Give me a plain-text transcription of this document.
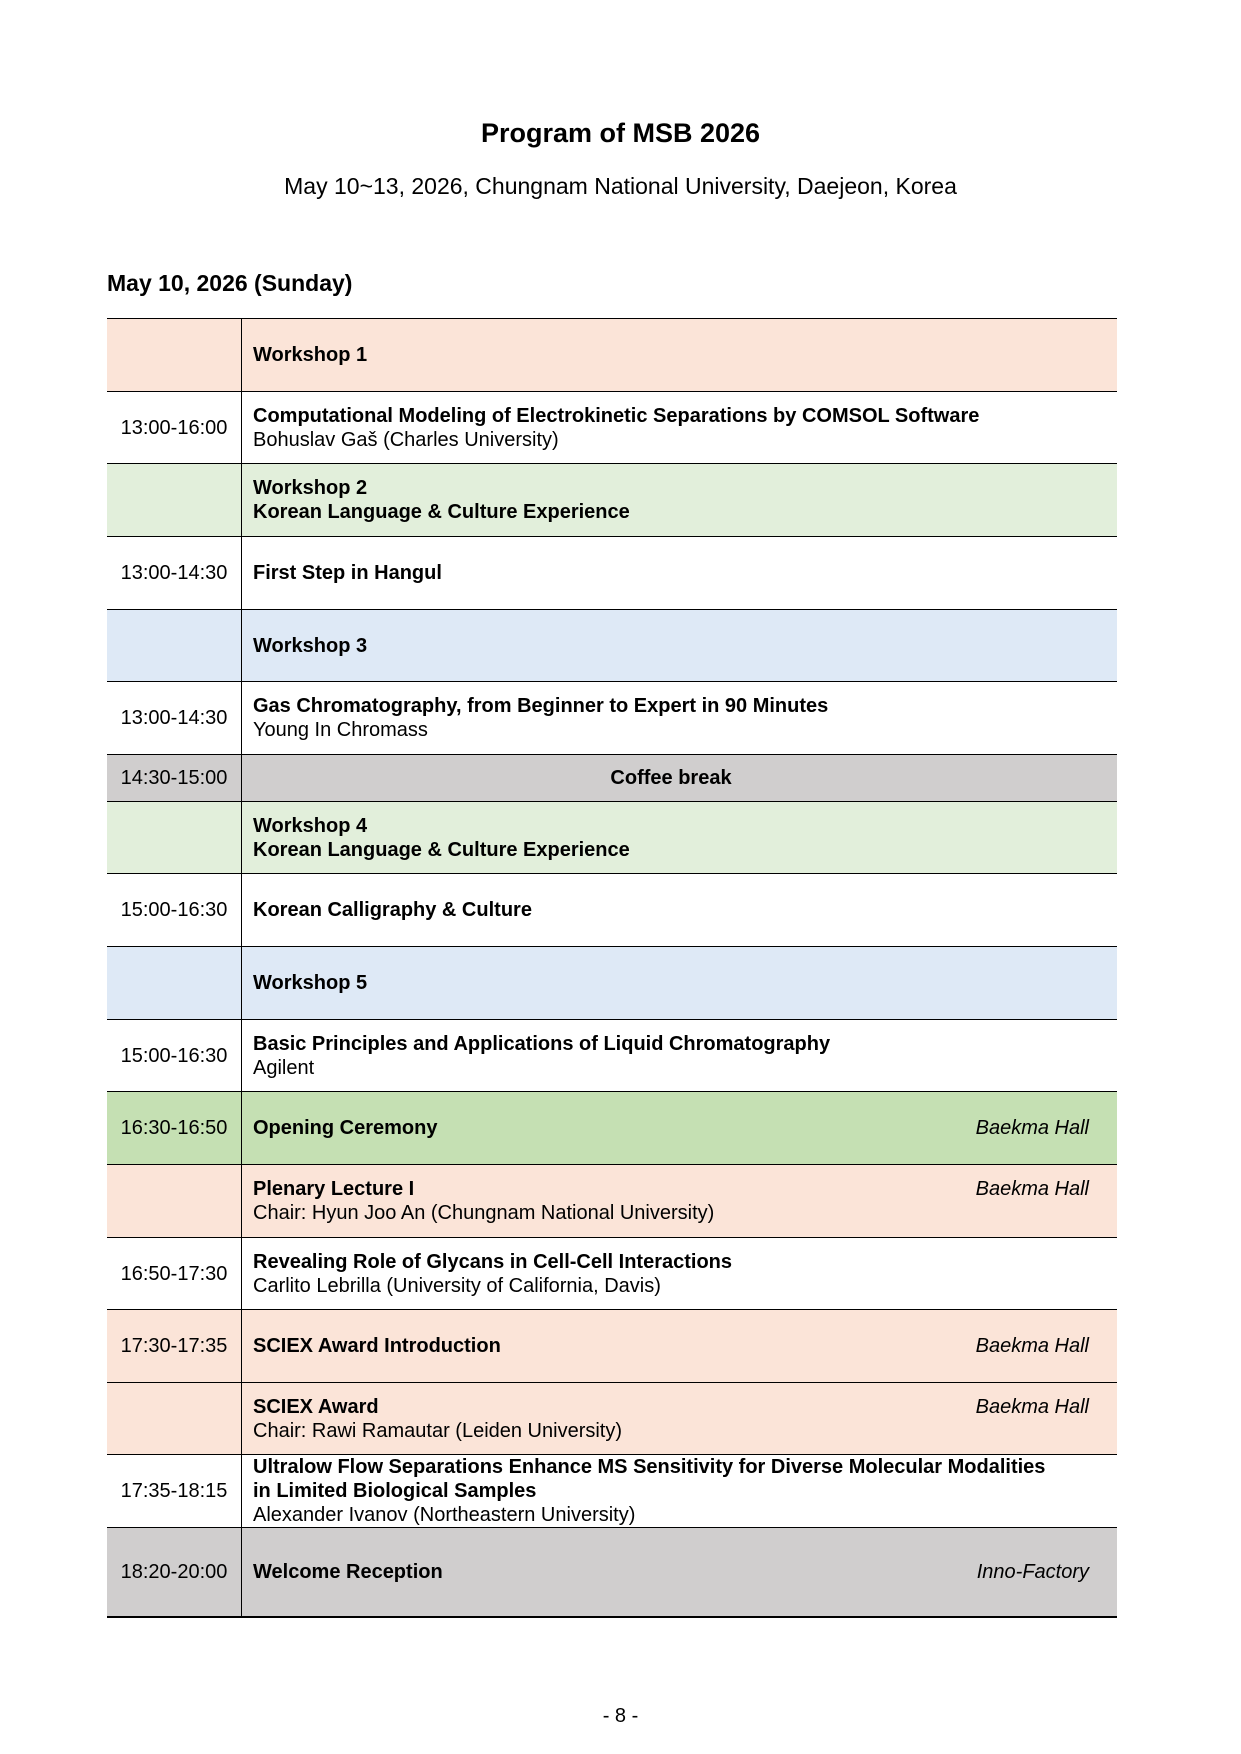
Program of MSB 2026
May 10~13, 2026, Chungnam National University, Daejeon, Korea
May 10, 2026 (Sunday)

	Workshop 1

13:00-16:00	Computational Modeling of Electrokinetic Separations by COMSOL Software
Bohuslav Gaš (Charles University)

	Workshop 2
Korean Language & Culture Experience

13:00-14:30	First Step in Hangul

	Workshop 3

13:00-14:30	Gas Chromatography, from Beginner to Expert in 90 Minutes
Young In Chromass

14:30-15:00	Coffee break

	Workshop 4
Korean Language & Culture Experience

15:00-16:30	Korean Calligraphy & Culture

	Workshop 5

15:00-16:30	Basic Principles and Applications of Liquid Chromatography
Agilent

16:30-16:50	Opening Ceremony Baekma Hall

	Plenary Lecture I
Chair: Hyun Joo An (Chungnam National University)
Baekma Hall

16:50-17:30	Revealing Role of Glycans in Cell-Cell Interactions
Carlito Lebrilla (University of California, Davis)

17:30-17:35	SCIEX Award Introduction Baekma Hall

	SCIEX Award
Chair: Rawi Ramautar (Leiden University)
Baekma Hall

17:35-18:15	Ultralow Flow Separations Enhance MS Sensitivity for Diverse Molecular Modalities
in Limited Biological Samples
Alexander Ivanov (Northeastern University)

18:20-20:00	Welcome Reception Inno-Factory
- 8 -
